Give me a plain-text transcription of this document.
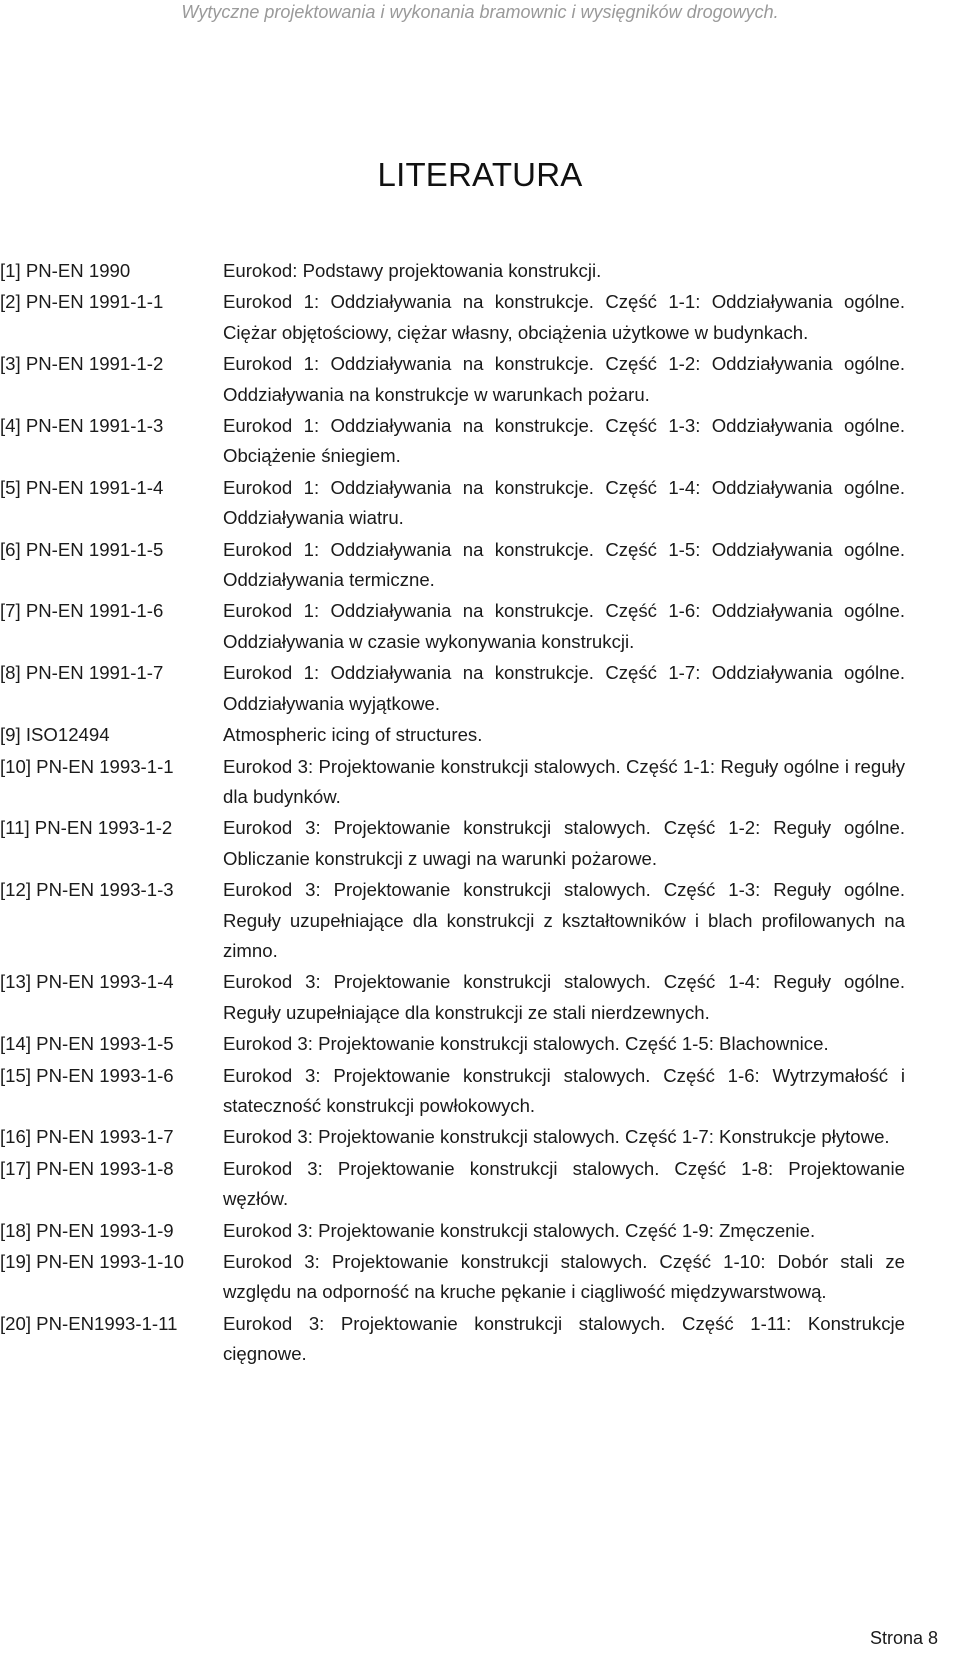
Wytyczne projektowania i wykonania bramownic i wysięgników drogowych.
LITERATURA
[1] PN-EN 1990	Eurokod: Podstawy projektowania konstrukcji.
[2] PN-EN 1991-1-1	Eurokod 1: Oddziaływania na konstrukcje. Część 1-1: Oddziaływania ogólne. Ciężar objętościowy, ciężar własny, obciążenia użytkowe w budynkach.
[3] PN-EN 1991-1-2	Eurokod 1: Oddziaływania na konstrukcje. Część 1-2: Oddziaływania ogólne. Oddziaływania na konstrukcje w warunkach pożaru.
[4] PN-EN 1991-1-3	Eurokod 1: Oddziaływania na konstrukcje. Część 1-3: Oddziaływania ogólne. Obciążenie śniegiem.
[5] PN-EN 1991-1-4	Eurokod 1: Oddziaływania na konstrukcje. Część 1-4: Oddziaływania ogólne. Oddziaływania wiatru.
[6] PN-EN 1991-1-5	Eurokod 1: Oddziaływania na konstrukcje. Część 1-5: Oddziaływania ogólne. Oddziaływania termiczne.
[7] PN-EN 1991-1-6	Eurokod 1: Oddziaływania na konstrukcje. Część 1-6: Oddziaływania ogólne. Oddziaływania w czasie wykonywania konstrukcji.
[8] PN-EN 1991-1-7	Eurokod 1: Oddziaływania na konstrukcje. Część 1-7: Oddziaływania ogólne. Oddziaływania wyjątkowe.
[9] ISO12494	Atmospheric icing of structures.
[10] PN-EN 1993-1-1	Eurokod 3: Projektowanie konstrukcji stalowych. Część 1-1: Reguły ogólne i reguły dla budynków.
[11] PN-EN 1993-1-2	Eurokod 3: Projektowanie konstrukcji stalowych. Część 1-2: Reguły ogólne. Obliczanie konstrukcji z uwagi na warunki pożarowe.
[12] PN-EN 1993-1-3	Eurokod 3: Projektowanie konstrukcji stalowych. Część 1-3: Reguły ogólne. Reguły uzupełniające dla konstrukcji z kształtowników i blach profilowanych na zimno.
[13] PN-EN 1993-1-4	Eurokod 3: Projektowanie konstrukcji stalowych. Część 1-4: Reguły ogólne. Reguły uzupełniające dla konstrukcji ze stali nierdzewnych.
[14] PN-EN 1993-1-5	Eurokod 3: Projektowanie konstrukcji stalowych. Część 1-5: Blachownice.
[15] PN-EN 1993-1-6	Eurokod 3: Projektowanie konstrukcji stalowych. Część 1-6: Wytrzymałość i stateczność konstrukcji powłokowych.
[16] PN-EN 1993-1-7	Eurokod 3: Projektowanie konstrukcji stalowych. Część 1-7: Konstrukcje płytowe.
[17] PN-EN 1993-1-8	Eurokod 3: Projektowanie konstrukcji stalowych. Część 1-8: Projektowanie węzłów.
[18] PN-EN 1993-1-9	Eurokod 3: Projektowanie konstrukcji stalowych. Część 1-9: Zmęczenie.
[19] PN-EN 1993-1-10 Eurokod 3: Projektowanie konstrukcji stalowych. Część 1-10: Dobór stali ze względu na odporność na kruche pękanie i ciągliwość międzywarstwową.
[20] PN-EN1993-1-11 Eurokod 3: Projektowanie konstrukcji stalowych. Część 1-11: Konstrukcje cięgnowe.
Strona 8
